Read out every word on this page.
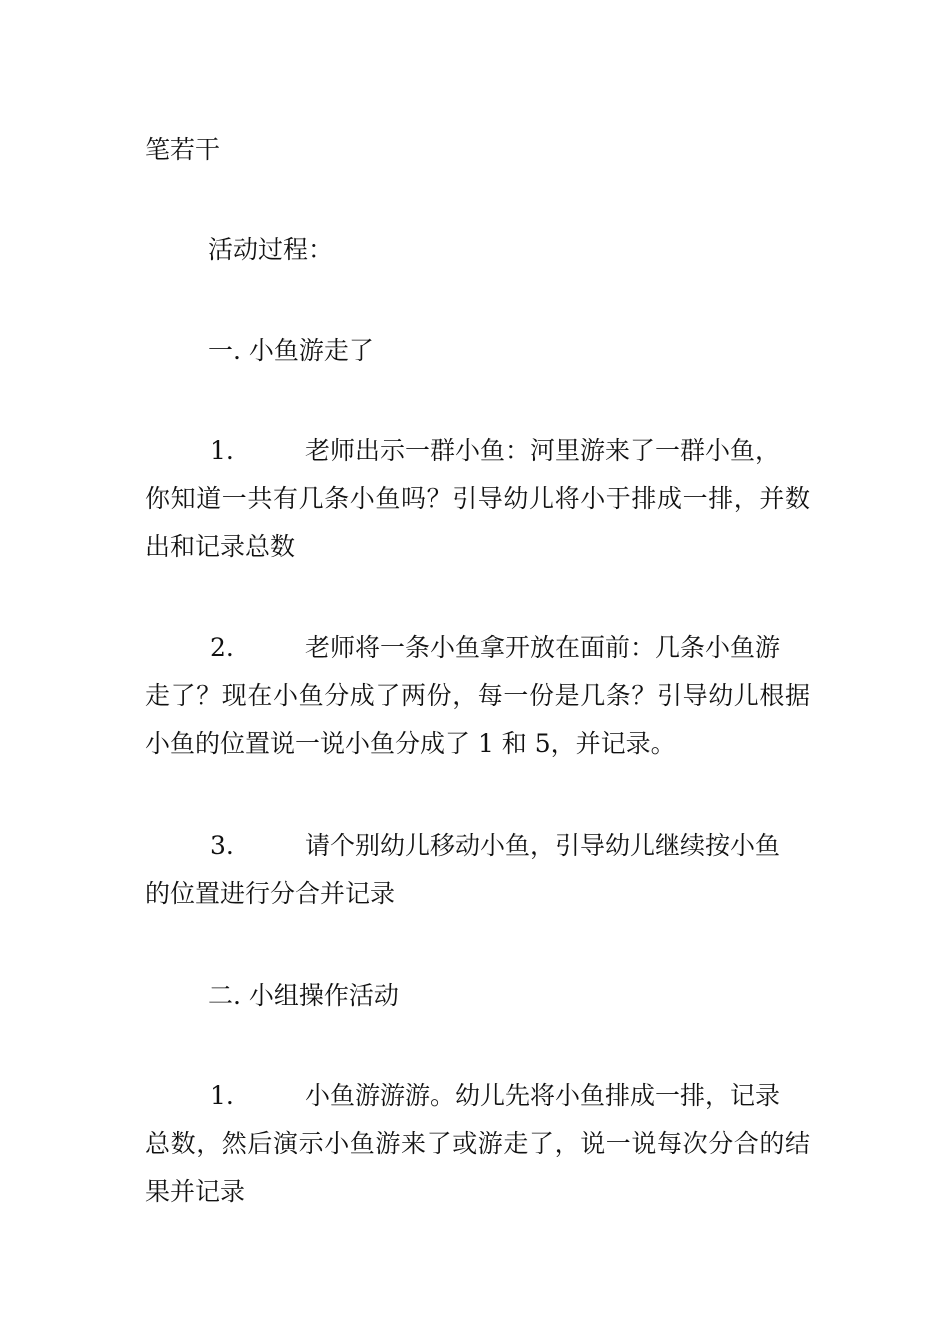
笔若干
活动过程：
一. 小鱼游走了
1.	老师出示一群小鱼：河里游来了一群小鱼，
你知道一共有几条小鱼吗？引导幼儿将小于排成一排，并数出和记录总数
2.	老师将一条小鱼拿开放在面前：几条小鱼游
走了？现在小鱼分成了两份，每一份是几条？引导幼儿根据小鱼的位置说一说小鱼分成了 1 和 5，并记录。
3.	请个别幼儿移动小鱼，引导幼儿继续按小鱼
的位置进行分合并记录
二. 小组操作活动
1.	小鱼游游游。幼儿先将小鱼排成一排，记录
总数，然后演示小鱼游来了或游走了，说一说每次分合的结果并记录
